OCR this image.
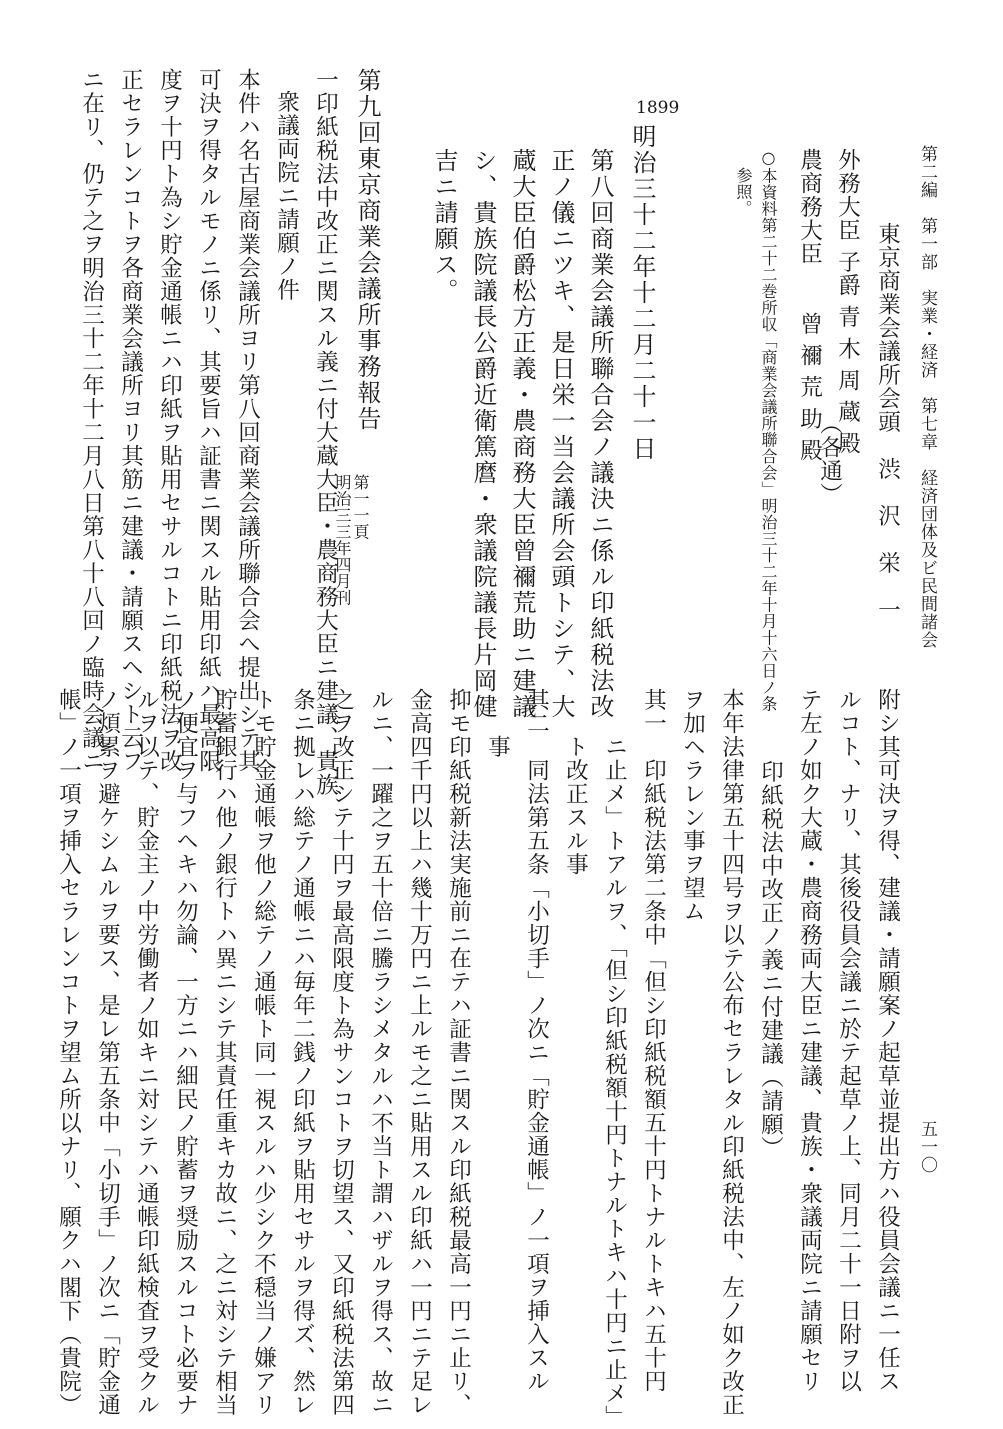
第二編　第一部　実業・経済　第七章　経済団体及ビ民間諸会
五一〇
東京商業会議所会頭　渋　沢　栄　一
外務大臣 子爵 青 木 周 蔵 殿
農商務大臣
曾 禰 荒 助 殿
（各通）
○本資料第二十二巻所収「商業会議所聯合会」明治三十二年十月十六日ノ条
参照。
1899
明治三十二年十二月二十一日
第八回商業会議所聯合会ノ議決ニ係ル印紙税法改
正ノ儀ニツキ、是日栄一当会議所会頭トシテ、大
蔵大臣伯爵松方正義・農商務大臣曾禰荒助ニ建議
シ、貴族院議長公爵近衛篤麿・衆議院議長片岡健
吉ニ請願ス。
第九回東京商業会議所事務報告
第一一頁
明治三三年四月刊
一印紙税法中改正ニ関スル義ニ付大蔵大臣・農商務大臣ニ建議、貴族
衆議両院ニ請願ノ件
本件ハ名古屋商業会議所ヨリ第八回商業会議所聯合会へ提出シテ其
可決ヲ得タルモノニ係リ、其要旨ハ証書ニ関スル貼用印紙ハ最高限
度ヲ十円ト為シ貯金通帳ニハ印紙ヲ貼用セサルコトニ印紙税法ヲ改
正セラレンコトヲ各商業会議所ヨリ其筋ニ建議・請願スヘシト云フ
ニ在リ、仍テ之ヲ明治三十二年十二月八日第八十八回ノ臨時会議ニ
附シ其可決ヲ得、建議・請願案ノ起草並提出方ハ役員会議ニ一任ス
ルコト、ナリ、其後役員会議ニ於テ起草ノ上、同月二十一日附ヲ以
テ左ノ如ク大蔵・農商務両大臣ニ建議、貴族・衆議両院ニ請願セリ
印紙税法中改正ノ義ニ付建議（請願）
本年法律第五十四号ヲ以テ公布セラレタル印紙税法中、左ノ如ク改正
ヲ加ヘラレン事ヲ望ム
其一　印紙税法第二条中「但シ印紙税額五十円トナルトキハ五十円
ニ止メ」トアルヲ、「但シ印紙税額十円トナルトキハ十円ニ止メ」
ト改正スル事
其二　同法第五条「小切手」ノ次ニ「貯金通帳」ノ一項ヲ挿入スル
事
抑モ印紙税新法実施前ニ在テハ証書ニ関スル印紙税最高一円ニ止リ、
金高四千円以上ハ幾十万円ニ上ルモ之ニ貼用スル印紙ハ一円ニテ足レ
ルニ、一躍之ヲ五十倍ニ騰ラシメタルハ不当ト謂ハザルヲ得ス、故ニ
之ヲ改正シテ十円ヲ最高限度ト為サンコトヲ切望ス、又印紙税法第四
条ニ拠レハ総テノ通帳ニハ毎年二銭ノ印紙ヲ貼用セサルヲ得ズ、然レ
トモ貯金通帳ヲ他ノ総テノ通帳ト同一視スルハ少シク不穏当ノ嫌アリ
貯蓄銀行ハ他ノ銀行トハ異ニシテ其責任重キカ故ニ、之ニ対シテ相当
ノ便宜ヲ与フヘキハ勿論、一方ニハ細民ノ貯蓄ヲ奨励スルコト必要ナ
ルヲ以テ、貯金主ノ中労働者ノ如キニ対シテハ通帳印紙検査ヲ受クル
ノ煩累ヲ避ケシムルヲ要ス、是レ第五条中「小切手」ノ次ニ「貯金通
帳」ノ一項ヲ挿入セラレンコトヲ望ム所以ナリ、願クハ閣下（貴院）
